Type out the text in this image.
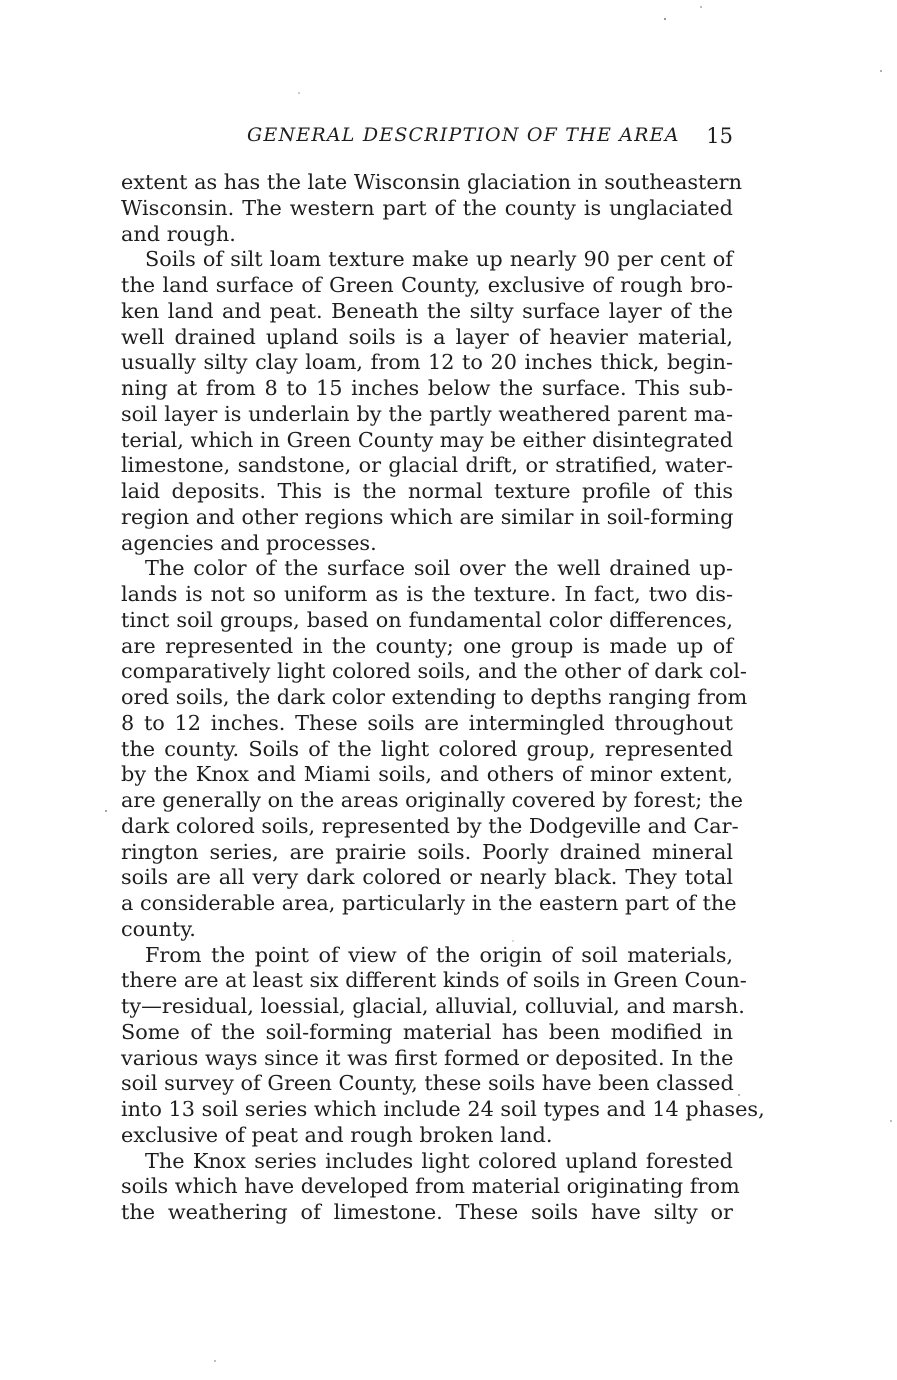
GENERAL DESCRIPTION OF THE AREA 15
extent as has the late Wisconsin glaciation in southeastern
Wisconsin. The western part of the county is unglaciated
and rough.
Soils of silt loam texture make up nearly 90 per cent of
the land surface of Green County, exclusive of rough bro-
ken land and peat. Beneath the silty surface layer of the
well drained upland soils is a layer of heavier material,
usually silty clay loam, from 12 to 20 inches thick, begin-
ning at from 8 to 15 inches below the surface. This sub-
soil layer is underlain by the partly weathered parent ma-
terial, which in Green County may be either disintegrated
limestone, sandstone, or glacial drift, or stratified, water-
laid deposits. This is the normal texture profile of this
region and other regions which are similar in soil-forming
agencies and processes.
The color of the surface soil over the well drained up-
lands is not so uniform as is the texture. In fact, two dis-
tinct soil groups, based on fundamental color differences,
are represented in the county; one group is made up of
comparatively light colored soils, and the other of dark col-
ored soils, the dark color extending to depths ranging from
8 to 12 inches. These soils are intermingled throughout
the county. Soils of the light colored group, represented
by the Knox and Miami soils, and others of minor extent,
are generally on the areas originally covered by forest; the
dark colored soils, represented by the Dodgeville and Car-
rington series, are prairie soils. Poorly drained mineral
soils are all very dark colored or nearly black. They total
a considerable area, particularly in the eastern part of the
county.
From the point of view of the origin of soil materials,
there are at least six different kinds of soils in Green Coun-
ty—residual, loessial, glacial, alluvial, colluvial, and marsh.
Some of the soil-forming material has been modified in
various ways since it was first formed or deposited. In the
soil survey of Green County, these soils have been classed
into 13 soil series which include 24 soil types and 14 phases,
exclusive of peat and rough broken land.
The Knox series includes light colored upland forested
soils which have developed from material originating from
the weathering of limestone. These soils have silty or
